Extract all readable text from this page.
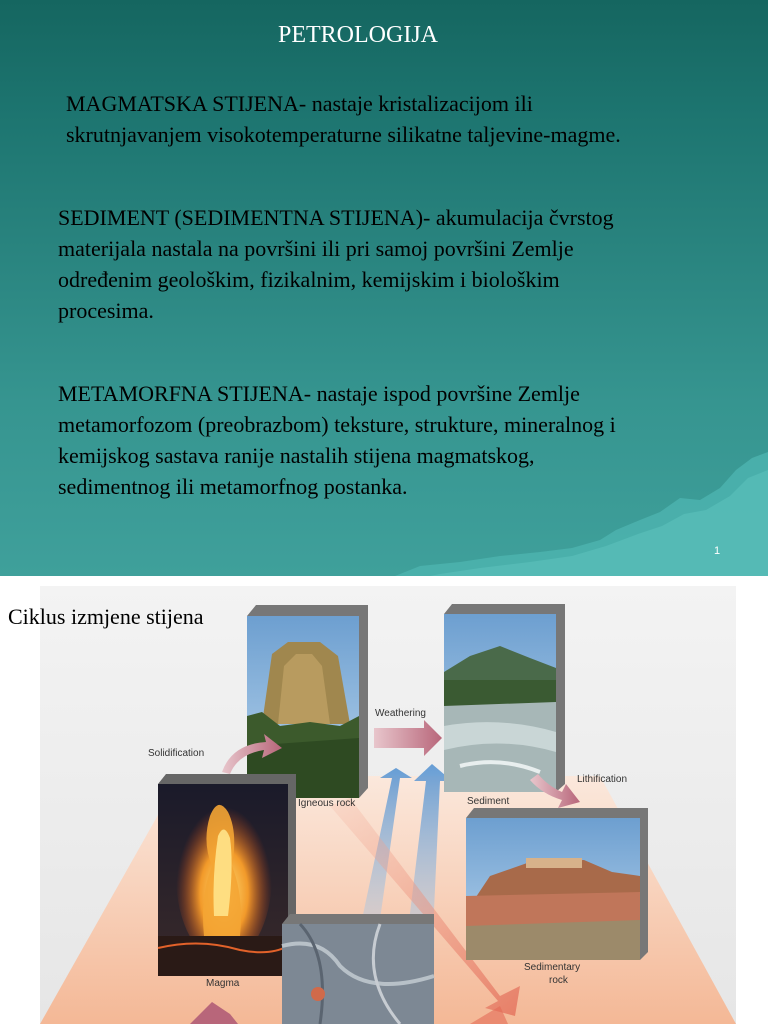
PETROLOGIJA
MAGMATSKA STIJENA- nastaje kristalizacijom ili
skrutnjavanjem visokotemperaturne silikatne taljevine-magme.
SEDIMENT (SEDIMENTNA STIJENA)- akumulacija čvrstog
materijala nastala na površini ili pri samoj površini Zemlje
određenim geološkim, fizikalnim, kemijskim i biološkim
procesima.
METAMORFNA STIJENA- nastaje ispod površine Zemlje
metamorfozom (preobrazbom) teksture, strukture, mineralnog i
kemijskog sastava ranije nastalih stijena magmatskog,
sedimentnog ili metamorfnog postanka.
1
Solidification
Weathering
Lithification
Igneous rock	Sediment
Magma
Sedimentary
rock
Ciklus izmjene stijena
